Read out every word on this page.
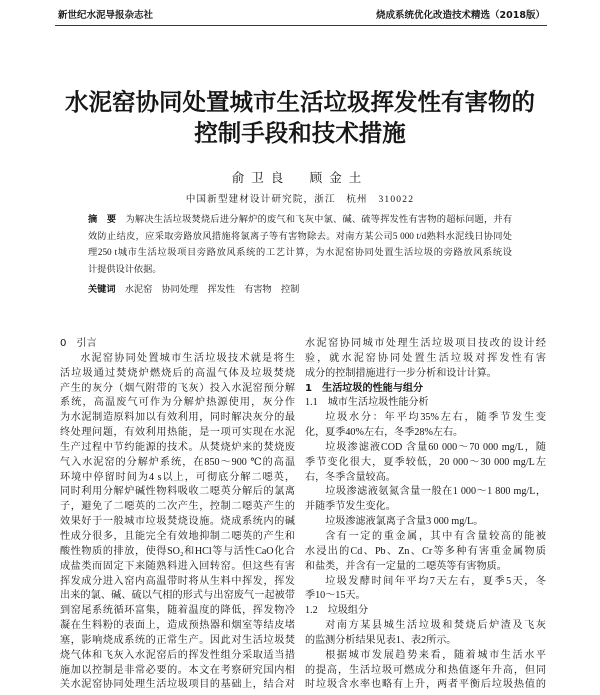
新世纪水泥导报杂志社	烧成系统优化改造技术精选（2018版）
水泥窑协同处置城市生活垃圾挥发性有害物的
控制手段和技术措施
俞卫良　顾金土
中国新型建材设计研究院，浙江　杭州　310022
摘　要 为解决生活垃圾焚烧后进分解炉的废气和飞灰中氯、碱、硫等挥发性有害物的超标问题，并有
效防止结皮，应采取旁路放风措施将氯离子等有害物除去。对南方某公司5 000 t/d熟料水泥线日协同处
理250 t城市生活垃圾项目旁路放风系统的工艺计算，为水泥窑协同处置生活垃圾的旁路放风系统设
计提供设计依据。
关键词 水泥窑 协同处理 挥发性 有害物 控制
0　引言
水泥窑协同处置城市生活垃圾技术就是将生
活垃圾通过焚烧炉燃烧后的高温气体及垃圾焚烧
产生的灰分（烟气附带的飞灰）投入水泥窑预分解
系统，高温废气可作为分解炉热源使用，灰分作
为水泥制造原料加以有效利用，同时解决灰分的最
终处理问题，有效利用热能，是一项可实现在水泥
生产过程中节约能源的技术。从焚烧炉来的焚烧废
气入水泥窑的分解炉系统，在850～900 ℃的高温
环境中停留时间为4 s以上，可彻底分解二噁英，
同时利用分解炉碱性物料吸收二噁英分解后的氯离
子，避免了二噁英的二次产生，控制二噁英产生的
效果好于一般城市垃圾焚烧设施。烧成系统内的碱
性成分很多，且能完全有效地抑制二噁英的产生和
酸性物质的排放，使得SO₂和HCl等与活性CaO化合
成盐类而固定下来随熟料进入回转窑。但这些有害
挥发成分进入窑内高温带时将从生料中挥发，挥发
出来的氯、碱、硫以气相的形式与出窑废气一起被带
到窑尾系统循环富集，随着温度的降低，挥发物冷
凝在生料粉的表面上，造成预热器和烟室等结皮堵
塞，影响烧成系统的正常生产。因此对生活垃圾焚
烧气体和飞灰入水泥窑后的挥发性组分采取适当措
施加以控制是非常必要的。本文在考察研究国内相
关水泥窑协同处理生活垃圾项目的基础上，结合对
水泥窑协同城市处理生活垃圾项目技改的设计经
验，就水泥窑协同处置生活垃圾对挥发性有害
成分的控制措施进行一步分析和设计计算。
1　生活垃圾的性能与组分
1.1　城市生活垃圾性能分析
垃圾水分：年平均35%左右，随季节发生变
化，夏季40%左右，冬季28%左右。
垃圾渗滤液COD 含量60 000～70 000 mg/L，随
季节变化很大，夏季较低，20 000～30 000 mg/L左
右，冬季含量较高。
垃圾渗滤液氨氮含量一般在1 000～1 800 mg/L，
并随季节发生变化。
垃圾渗滤液氯离子含量3 000 mg/L。
含有一定的重金属，其中有含量较高的能被
水浸出的Cd、Pb、Zn、Cr等多种有害重金属物质
和盐类，并含有一定量的二噁英等有害物质。
垃圾发酵时间年平均7天左右，夏季5天，冬
季10～15天。
1.2　垃圾组分
对南方某县城生活垃圾和焚烧后炉渣及飞灰
的监测分析结果见表1、表2所示。
根据城市发展趋势来看，随着城市生活水平
的提高，生活垃圾可燃成分和热值逐年升高，但同
时垃圾含水率也略有上升，两者平衡后垃圾热值的
